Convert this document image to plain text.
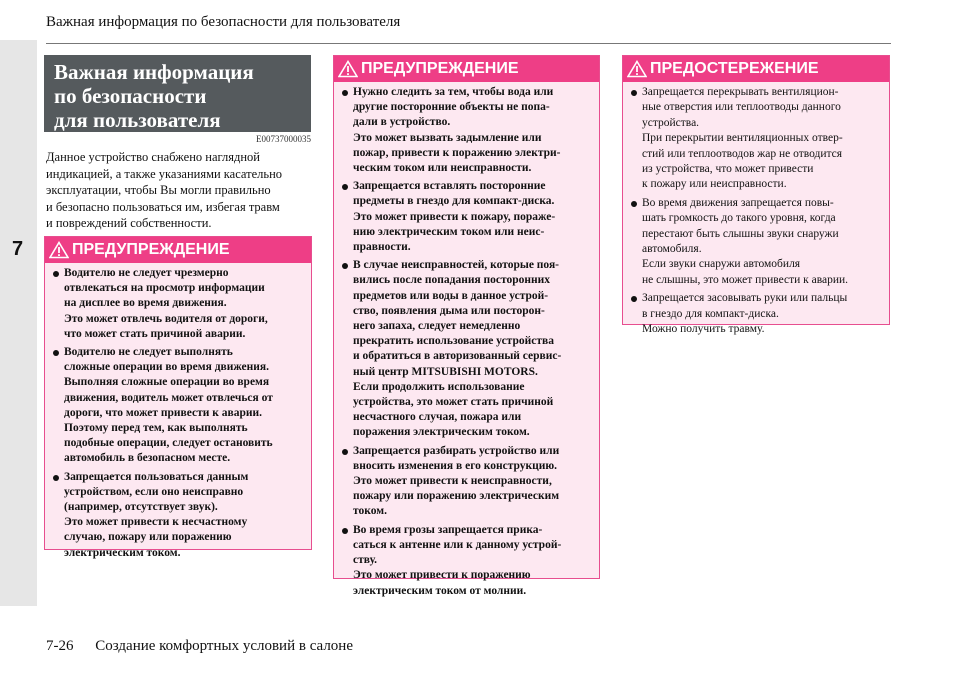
7
Важная информация по безопасности для пользователя
Важная информация
по безопасности
для пользователя
E00737000035
Данное устройство снабжено наглядной
индикацией, а также указаниями касательно
эксплуатации, чтобы Вы могли правильно
и безопасно пользоваться им, избегая травм
и повреждений собственности.
ПРЕДУПРЕЖДЕНИЕ
Водителю не следует чрезмерно
отвлекаться на просмотр информации
на дисплее во время движения.
Это может отвлечь водителя от дороги,
что может стать причиной аварии.
Водителю не следует выполнять
сложные операции во время движения.
Выполняя сложные операции во время
движения, водитель может отвлечься от
дороги, что может привести к аварии.
Поэтому перед тем, как выполнять
подобные операции, следует остановить
автомобиль в безопасном месте.
Запрещается пользоваться данным
устройством, если оно неисправно
(например, отсутствует звук).
Это может привести к несчастному
случаю, пожару или поражению
электрическим током.
ПРЕДУПРЕЖДЕНИЕ
Нужно следить за тем, чтобы вода или
другие посторонние объекты не попа-
дали в устройство.
Это может вызвать задымление или
пожар, привести к поражению электри-
ческим током или неисправности.
Запрещается вставлять посторонние
предметы в гнездо для компакт-диска.
Это может привести к пожару, пораже-
нию электрическим током или неис-
правности.
В случае неисправностей, которые поя-
вились после попадания посторонних
предметов или воды в данное устрой-
ство, появления дыма или посторон-
него запаха, следует немедленно
прекратить использование устройства
и обратиться в авторизованный сервис-
ный центр MITSUBISHI MOTORS.
Если продолжить использование
устройства, это может стать причиной
несчастного случая, пожара или
поражения электрическим током.
Запрещается разбирать устройство или
вносить изменения в его конструкцию.
Это может привести к неисправности,
пожару или поражению электрическим
током.
Во время грозы запрещается прика-
саться к антенне или к данному устрой-
ству.
Это может привести к поражению
электрическим током от молнии.
ПРЕДОСТЕРЕЖЕНИЕ
Запрещается перекрывать вентиляцион-
ные отверстия или теплоотводы данного
устройства.
При перекрытии вентиляционных отвер-
стий или теплоотводов жар не отводится
из устройства, что может привести
к пожару или неисправности.
Во время движения запрещается повы-
шать громкость до такого уровня, когда
перестают быть слышны звуки снаружи
автомобиля.
Если звуки снаружи автомобиля
не слышны, это может привести к аварии.
Запрещается засовывать руки или пальцы
в гнездо для компакт-диска.
Можно получить травму.
7-26 Создание комфортных условий в салоне
